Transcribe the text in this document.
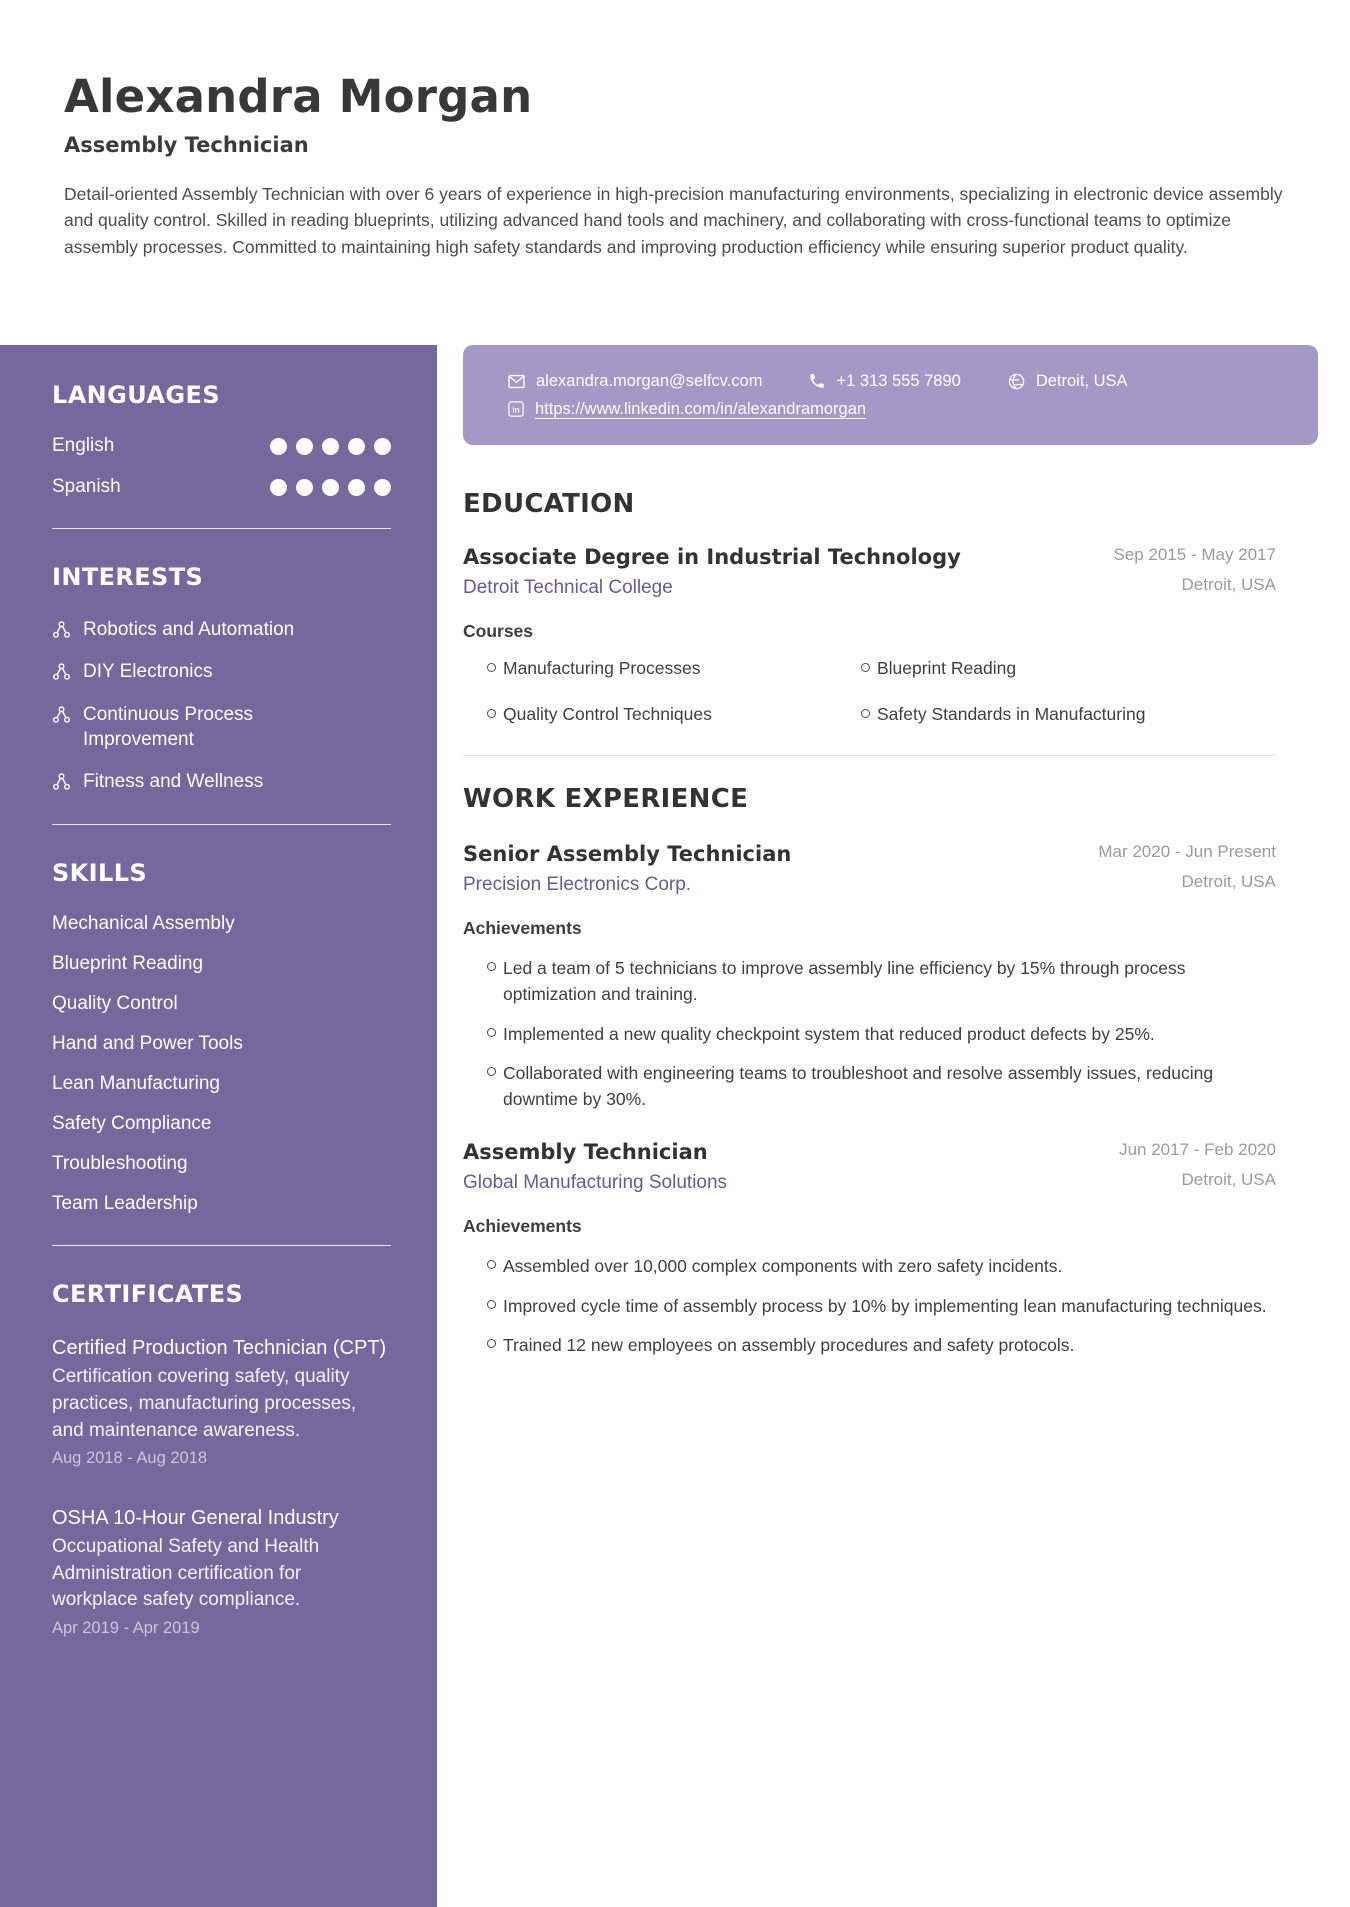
Alexandra Morgan
Assembly Technician

Detail-oriented Assembly Technician with over 6 years of experience in high-precision manufacturing environments, specializing in electronic device assembly and quality control. Skilled in reading blueprints, utilizing advanced hand tools and machinery, and collaborating with cross-functional teams to optimize assembly processes. Committed to maintaining high safety standards and improving production efficiency while ensuring superior product quality.

LANGUAGES
English
Spanish
INTERESTS
Robotics and Automation
DIY Electronics
Continuous Process Improvement
Fitness and Wellness
SKILLS
Mechanical Assembly
Blueprint Reading
Quality Control
Hand and Power Tools
Lean Manufacturing
Safety Compliance
Troubleshooting
Team Leadership
CERTIFICATES
Certified Production Technician (CPT)
Certification covering safety, quality practices, manufacturing processes, and maintenance awareness.
Aug 2018 - Aug 2018
OSHA 10-Hour General Industry
Occupational Safety and Health Administration certification for workplace safety compliance.
Apr 2019 - Apr 2019
alexandra.morgan@selfcv.com	+1 313 555 7890	Detroit, USA
in https://www.linkedin.com/in/alexandramorgan
EDUCATION
Associate Degree in Industrial Technology
Detroit Technical College
Sep 2015 - May 2017
Detroit, USA
Courses
Manufacturing Processes	Blueprint Reading
Quality Control Techniques	Safety Standards in Manufacturing
WORK EXPERIENCE
Senior Assembly Technician
Precision Electronics Corp.
Mar 2020 - Jun Present
Detroit, USA
Achievements
Led a team of 5 technicians to improve assembly line efficiency by 15% through process optimization and training.
Implemented a new quality checkpoint system that reduced product defects by 25%.
Collaborated with engineering teams to troubleshoot and resolve assembly issues, reducing downtime by 30%.
Assembly Technician
Global Manufacturing Solutions
Jun 2017 - Feb 2020
Detroit, USA
Achievements
Assembled over 10,000 complex components with zero safety incidents.
Improved cycle time of assembly process by 10% by implementing lean manufacturing techniques.
Trained 12 new employees on assembly procedures and safety protocols.
